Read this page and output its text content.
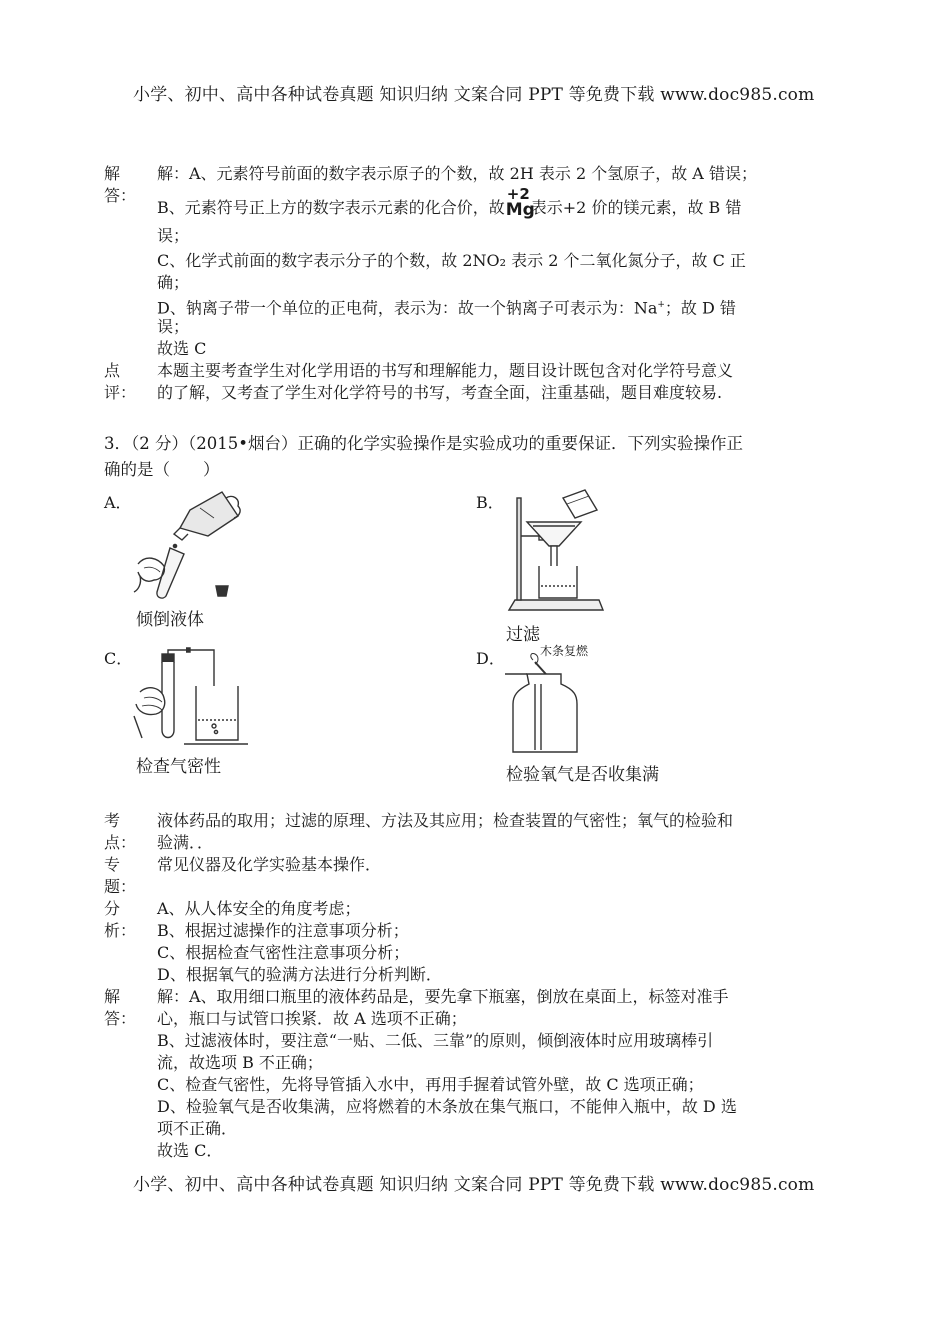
小学、初中、高中各种试卷真题 知识归纳 文案合同 PPT 等免费下载 www.doc985.com
解
答：
解：A、元素符号前面的数字表示原子的个数，故 2H 表示 2 个氢原子，故 A 错误；
B、元素符号正上方的数字表示元素的化合价，故
+2
Mg
表示+2 价的镁元素，故 B 错
误；
C、化学式前面的数字表示分子的个数，故 2NO₂ 表示 2 个二氧化氮分子，故 C 正
确；
D、钠离子带一个单位的正电荷，表示为：故一个钠离子可表示为：Na+；故 D 错
误；
故选 C
点
评：
本题主要考查学生对化学用语的书写和理解能力，题目设计既包含对化学符号意义
的了解，又考查了学生对化学符号的书写，考查全面，注重基础，题目难度较易.
3．（2 分）（2015•烟台）正确的化学实验操作是实验成功的重要保证．下列实验操作正
确的是（　　）
A．	B．
C．	D．
倾倒液体
过滤
检查气密性
木条复燃
检验氧气是否收集满
考
点：
液体药品的取用；过滤的原理、方法及其应用；检查装置的气密性；氧气的检验和
验满．．
专
题：
常见仪器及化学实验基本操作．
分
析：
A、从人体安全的角度考虑；
B、根据过滤操作的注意事项分析；
C、根据检查气密性注意事项分析；
D、根据氧气的验满方法进行分析判断．
解
答：
解：A、取用细口瓶里的液体药品是，要先拿下瓶塞，倒放在桌面上，标签对准手
心，瓶口与试管口挨紧．故 A 选项不正确；
B、过滤液体时，要注意“一贴、二低、三靠”的原则，倾倒液体时应用玻璃棒引
流，故选项 B 不正确；
C、检查气密性，先将导管插入水中，再用手握着试管外壁，故 C 选项正确；
D、检验氧气是否收集满，应将燃着的木条放在集气瓶口，不能伸入瓶中，故 D 选
项不正确．
故选 C．
小学、初中、高中各种试卷真题 知识归纳 文案合同 PPT 等免费下载 www.doc985.com
